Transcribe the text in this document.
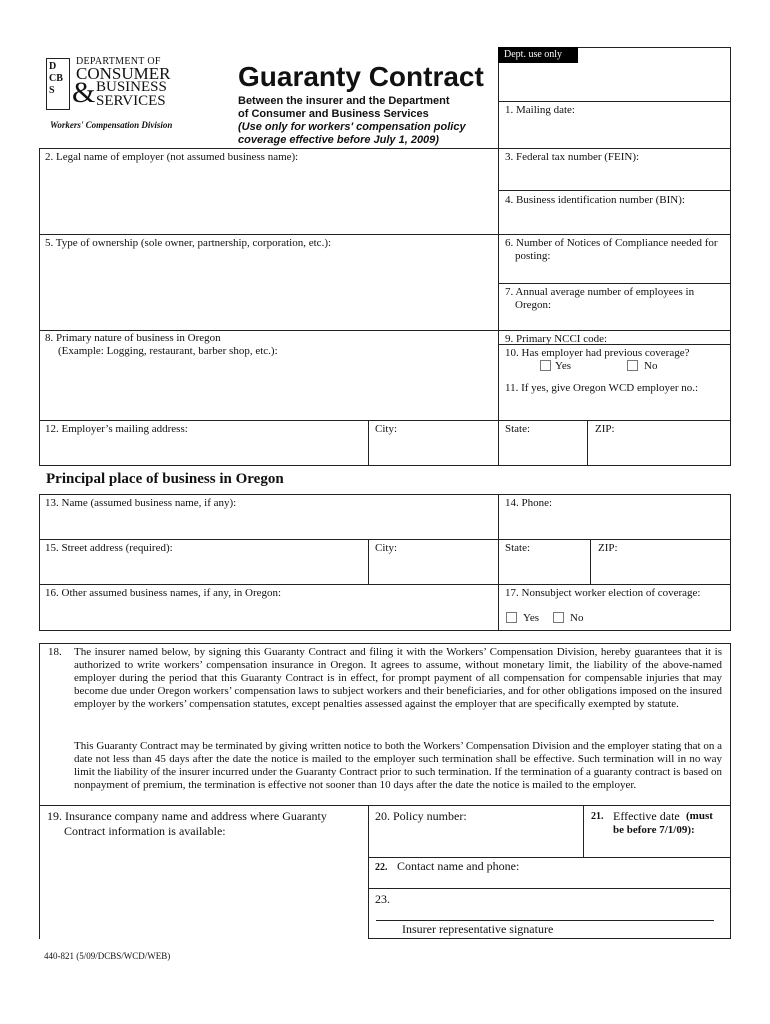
DCBS
DEPARTMENT OF
CONSUMER
& BUSINESS
SERVICES
Workers' Compensation Division
Guaranty Contract
Between the insurer and the Department
of Consumer and Business Services
(Use only for workers' compensation policy
coverage effective before July 1, 2009)
Dept. use only
1. Mailing date:
2. Legal name of employer (not assumed business name):	3. Federal tax number (FEIN):
4. Business identification number (BIN):
5. Type of ownership (sole owner, partnership, corporation, etc.):	6. Number of Notices of Compliance needed for
posting:
7. Annual average number of employees in
Oregon:
8. Primary nature of business in Oregon
(Example: Logging, restaurant, barber shop, etc.):
9. Primary NCCI code:
10. Has employer had previous coverage?
Yes	No
11. If yes, give Oregon WCD employer no.:
12. Employer’s mailing address:	City:	State:	ZIP:
Principal place of business in Oregon
13. Name (assumed business name, if any):	14. Phone:
15. Street address (required):	City:	State:	ZIP:
16. Other assumed business names, if any, in Oregon:	17. Nonsubject worker election of coverage:
Yes	No
18. The insurer named below, by signing this Guaranty Contract and filing it with the Workers’ Compensation Division, hereby guarantees that it is authorized to write workers’ compensation insurance in Oregon. It agrees to assume, without monetary limit, the liability of the above-named employer during the period that this Guaranty Contract is in effect, for prompt payment of all compensation for compensable injuries that may become due under Oregon workers’ compensation laws to subject workers and their beneficiaries, and for other obligations imposed on the insured employer by the workers’ compensation statutes, except penalties assessed against the employer that are specifically exempted by statute.
This Guaranty Contract may be terminated by giving written notice to both the Workers’ Compensation Division and the employer stating that on a date not less than 45 days after the date the notice is mailed to the employer such termination shall be effective. Such termination will in no way limit the liability of the insurer incurred under the Guaranty Contract prior to such termination. If the termination of a guaranty contract is based on nonpayment of premium, the termination is effective not sooner than 10 days after the date the notice is mailed to the employer.
19. Insurance company name and address where Guaranty
Contract information is available:
20. Policy number:	21. Effective date (must
be before 7/1/09):
22. Contact name and phone:
23.
Insurer representative signature
440-821 (5/09/DCBS/WCD/WEB)
